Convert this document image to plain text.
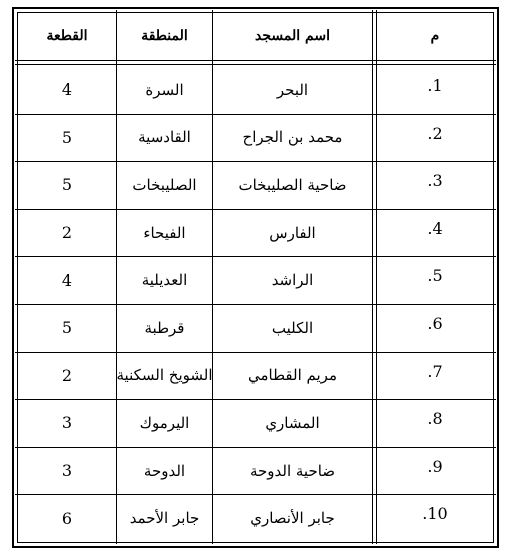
القطعة	المنطقة	اسم المسجد	م
4	السرة	البحر	.1
5	القادسية	محمد بن الجراح	.2
5	الصليبخات	ضاحية الصليبخات	.3
2	الفيحاء	الفارس	.4
4	العديلية	الراشد	.5
5	قرطبة	الكليب	.6
2	الشويخ السكنية	مريم القطامي	.7
3	اليرموك	المشاري	.8
3	الدوحة	ضاحية الدوحة	.9
6	جابر الأحمد	جابر الأنصاري	.10
